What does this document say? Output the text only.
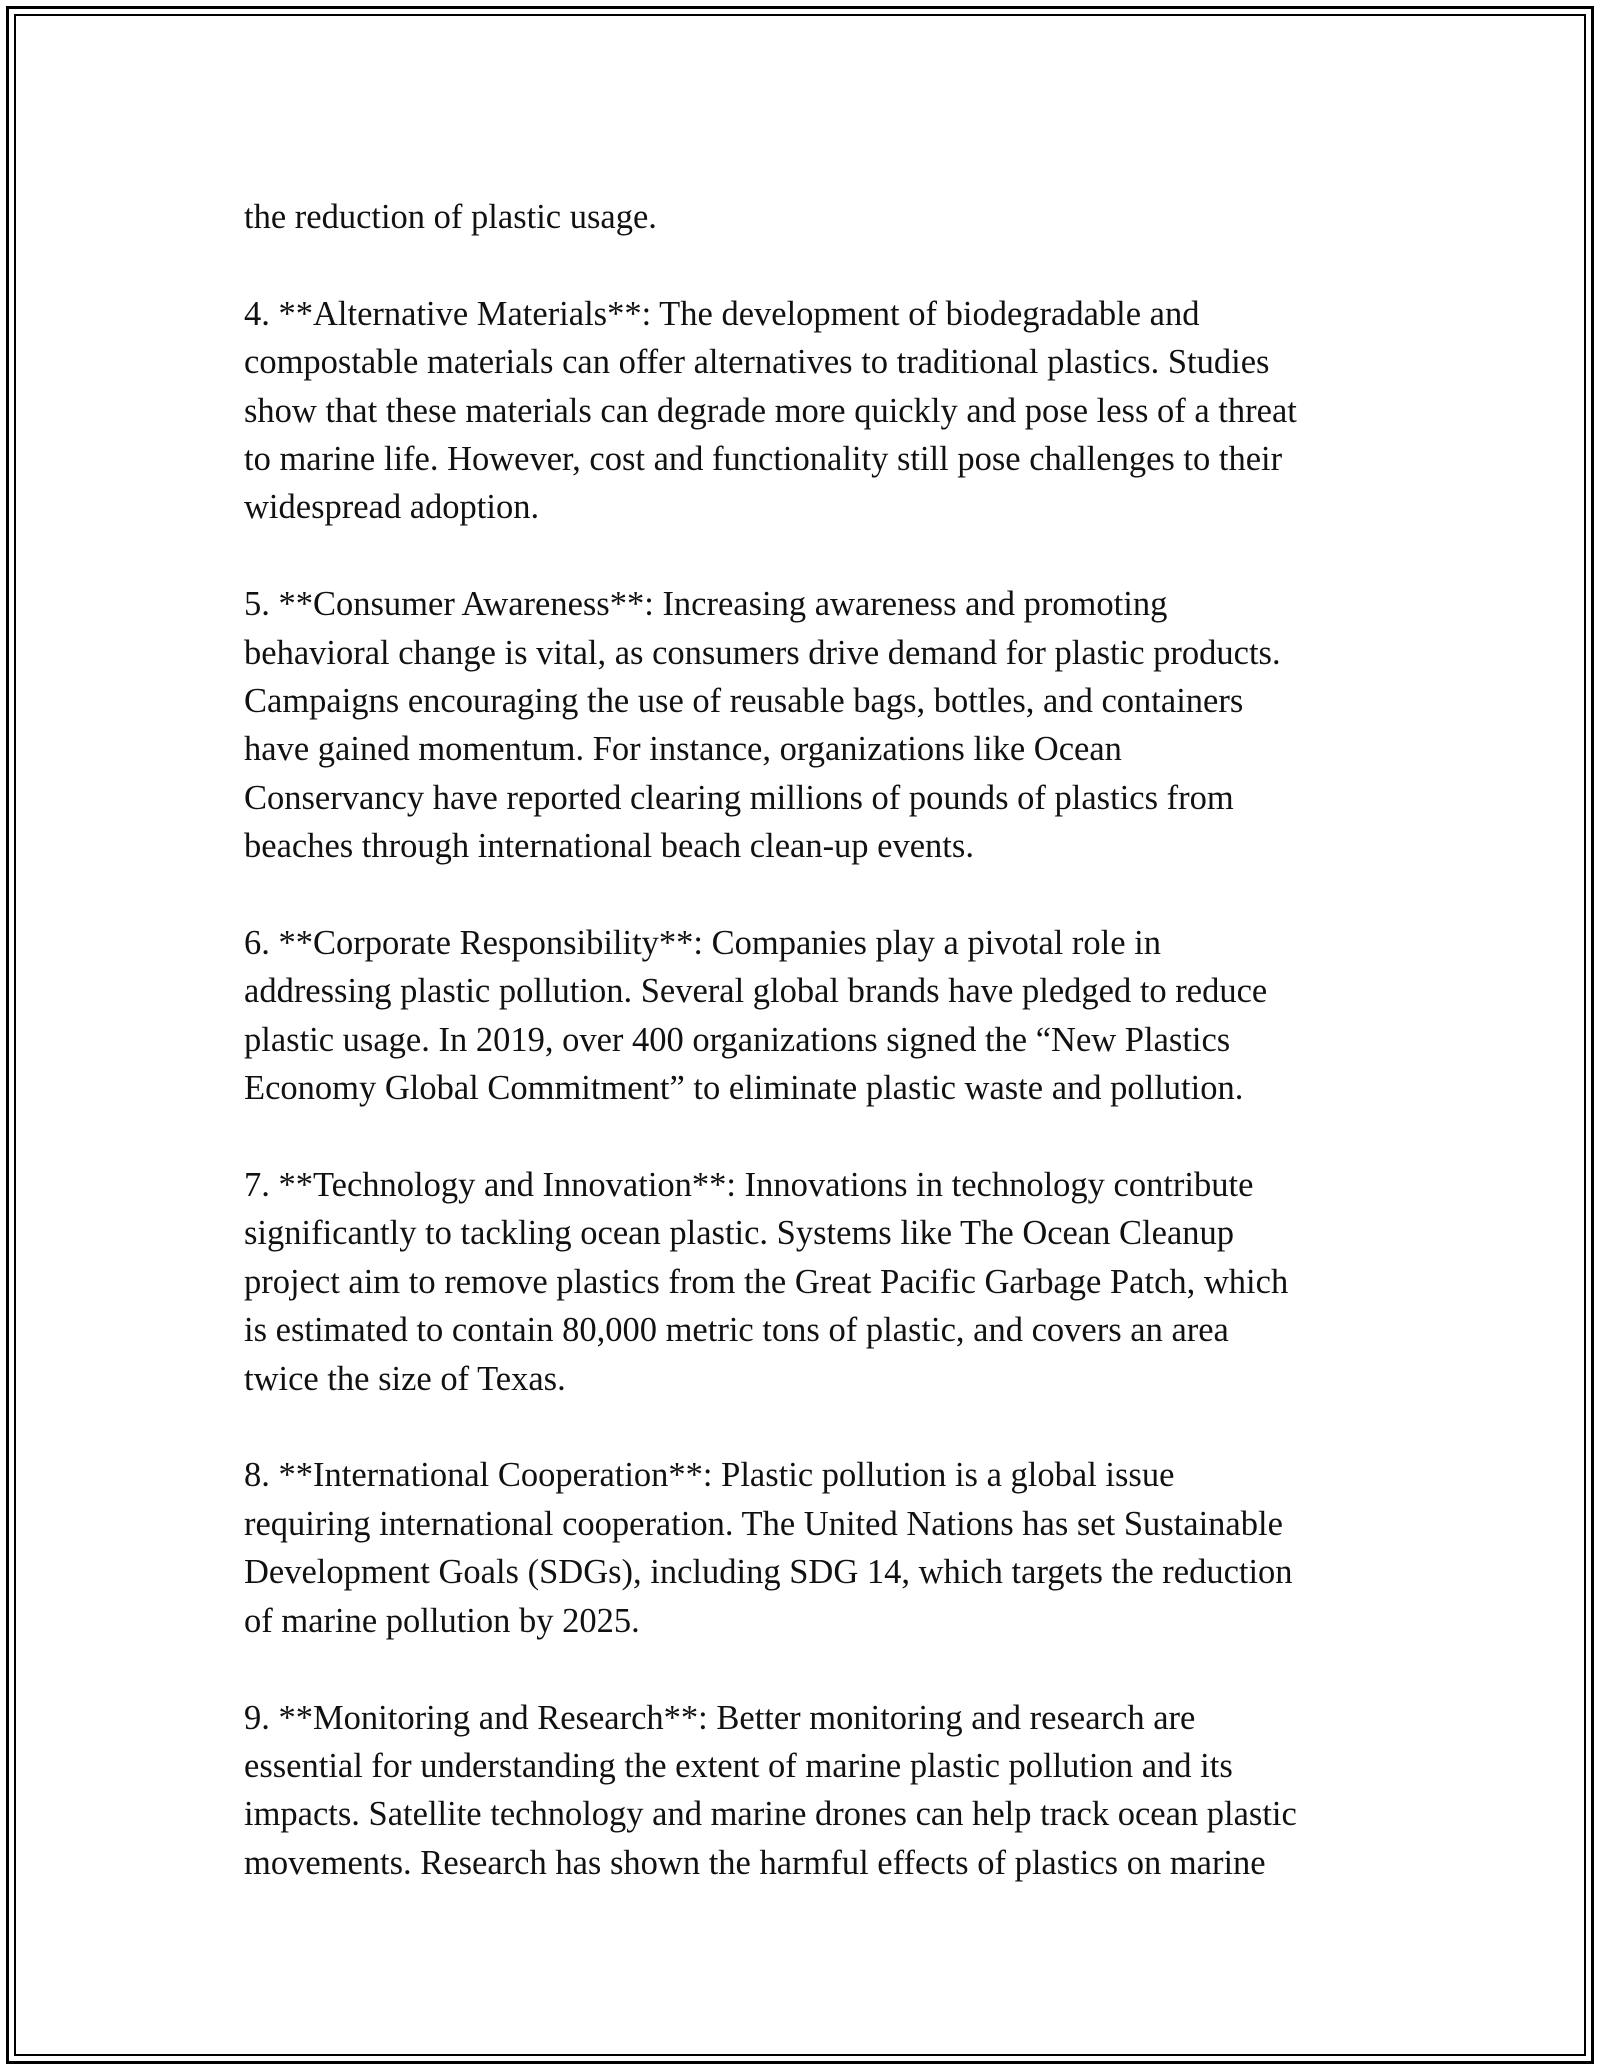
the reduction of plastic usage.

4. **Alternative Materials**: The development of biodegradable and
compostable materials can offer alternatives to traditional plastics. Studies
show that these materials can degrade more quickly and pose less of a threat
to marine life. However, cost and functionality still pose challenges to their
widespread adoption.

5. **Consumer Awareness**: Increasing awareness and promoting
behavioral change is vital, as consumers drive demand for plastic products.
Campaigns encouraging the use of reusable bags, bottles, and containers
have gained momentum. For instance, organizations like Ocean
Conservancy have reported clearing millions of pounds of plastics from
beaches through international beach clean-up events.

6. **Corporate Responsibility**: Companies play a pivotal role in
addressing plastic pollution. Several global brands have pledged to reduce
plastic usage. In 2019, over 400 organizations signed the “New Plastics
Economy Global Commitment” to eliminate plastic waste and pollution.

7. **Technology and Innovation**: Innovations in technology contribute
significantly to tackling ocean plastic. Systems like The Ocean Cleanup
project aim to remove plastics from the Great Pacific Garbage Patch, which
is estimated to contain 80,000 metric tons of plastic, and covers an area
twice the size of Texas.

8. **International Cooperation**: Plastic pollution is a global issue
requiring international cooperation. The United Nations has set Sustainable
Development Goals (SDGs), including SDG 14, which targets the reduction
of marine pollution by 2025.

9. **Monitoring and Research**: Better monitoring and research are
essential for understanding the extent of marine plastic pollution and its
impacts. Satellite technology and marine drones can help track ocean plastic
movements. Research has shown the harmful effects of plastics on marine
